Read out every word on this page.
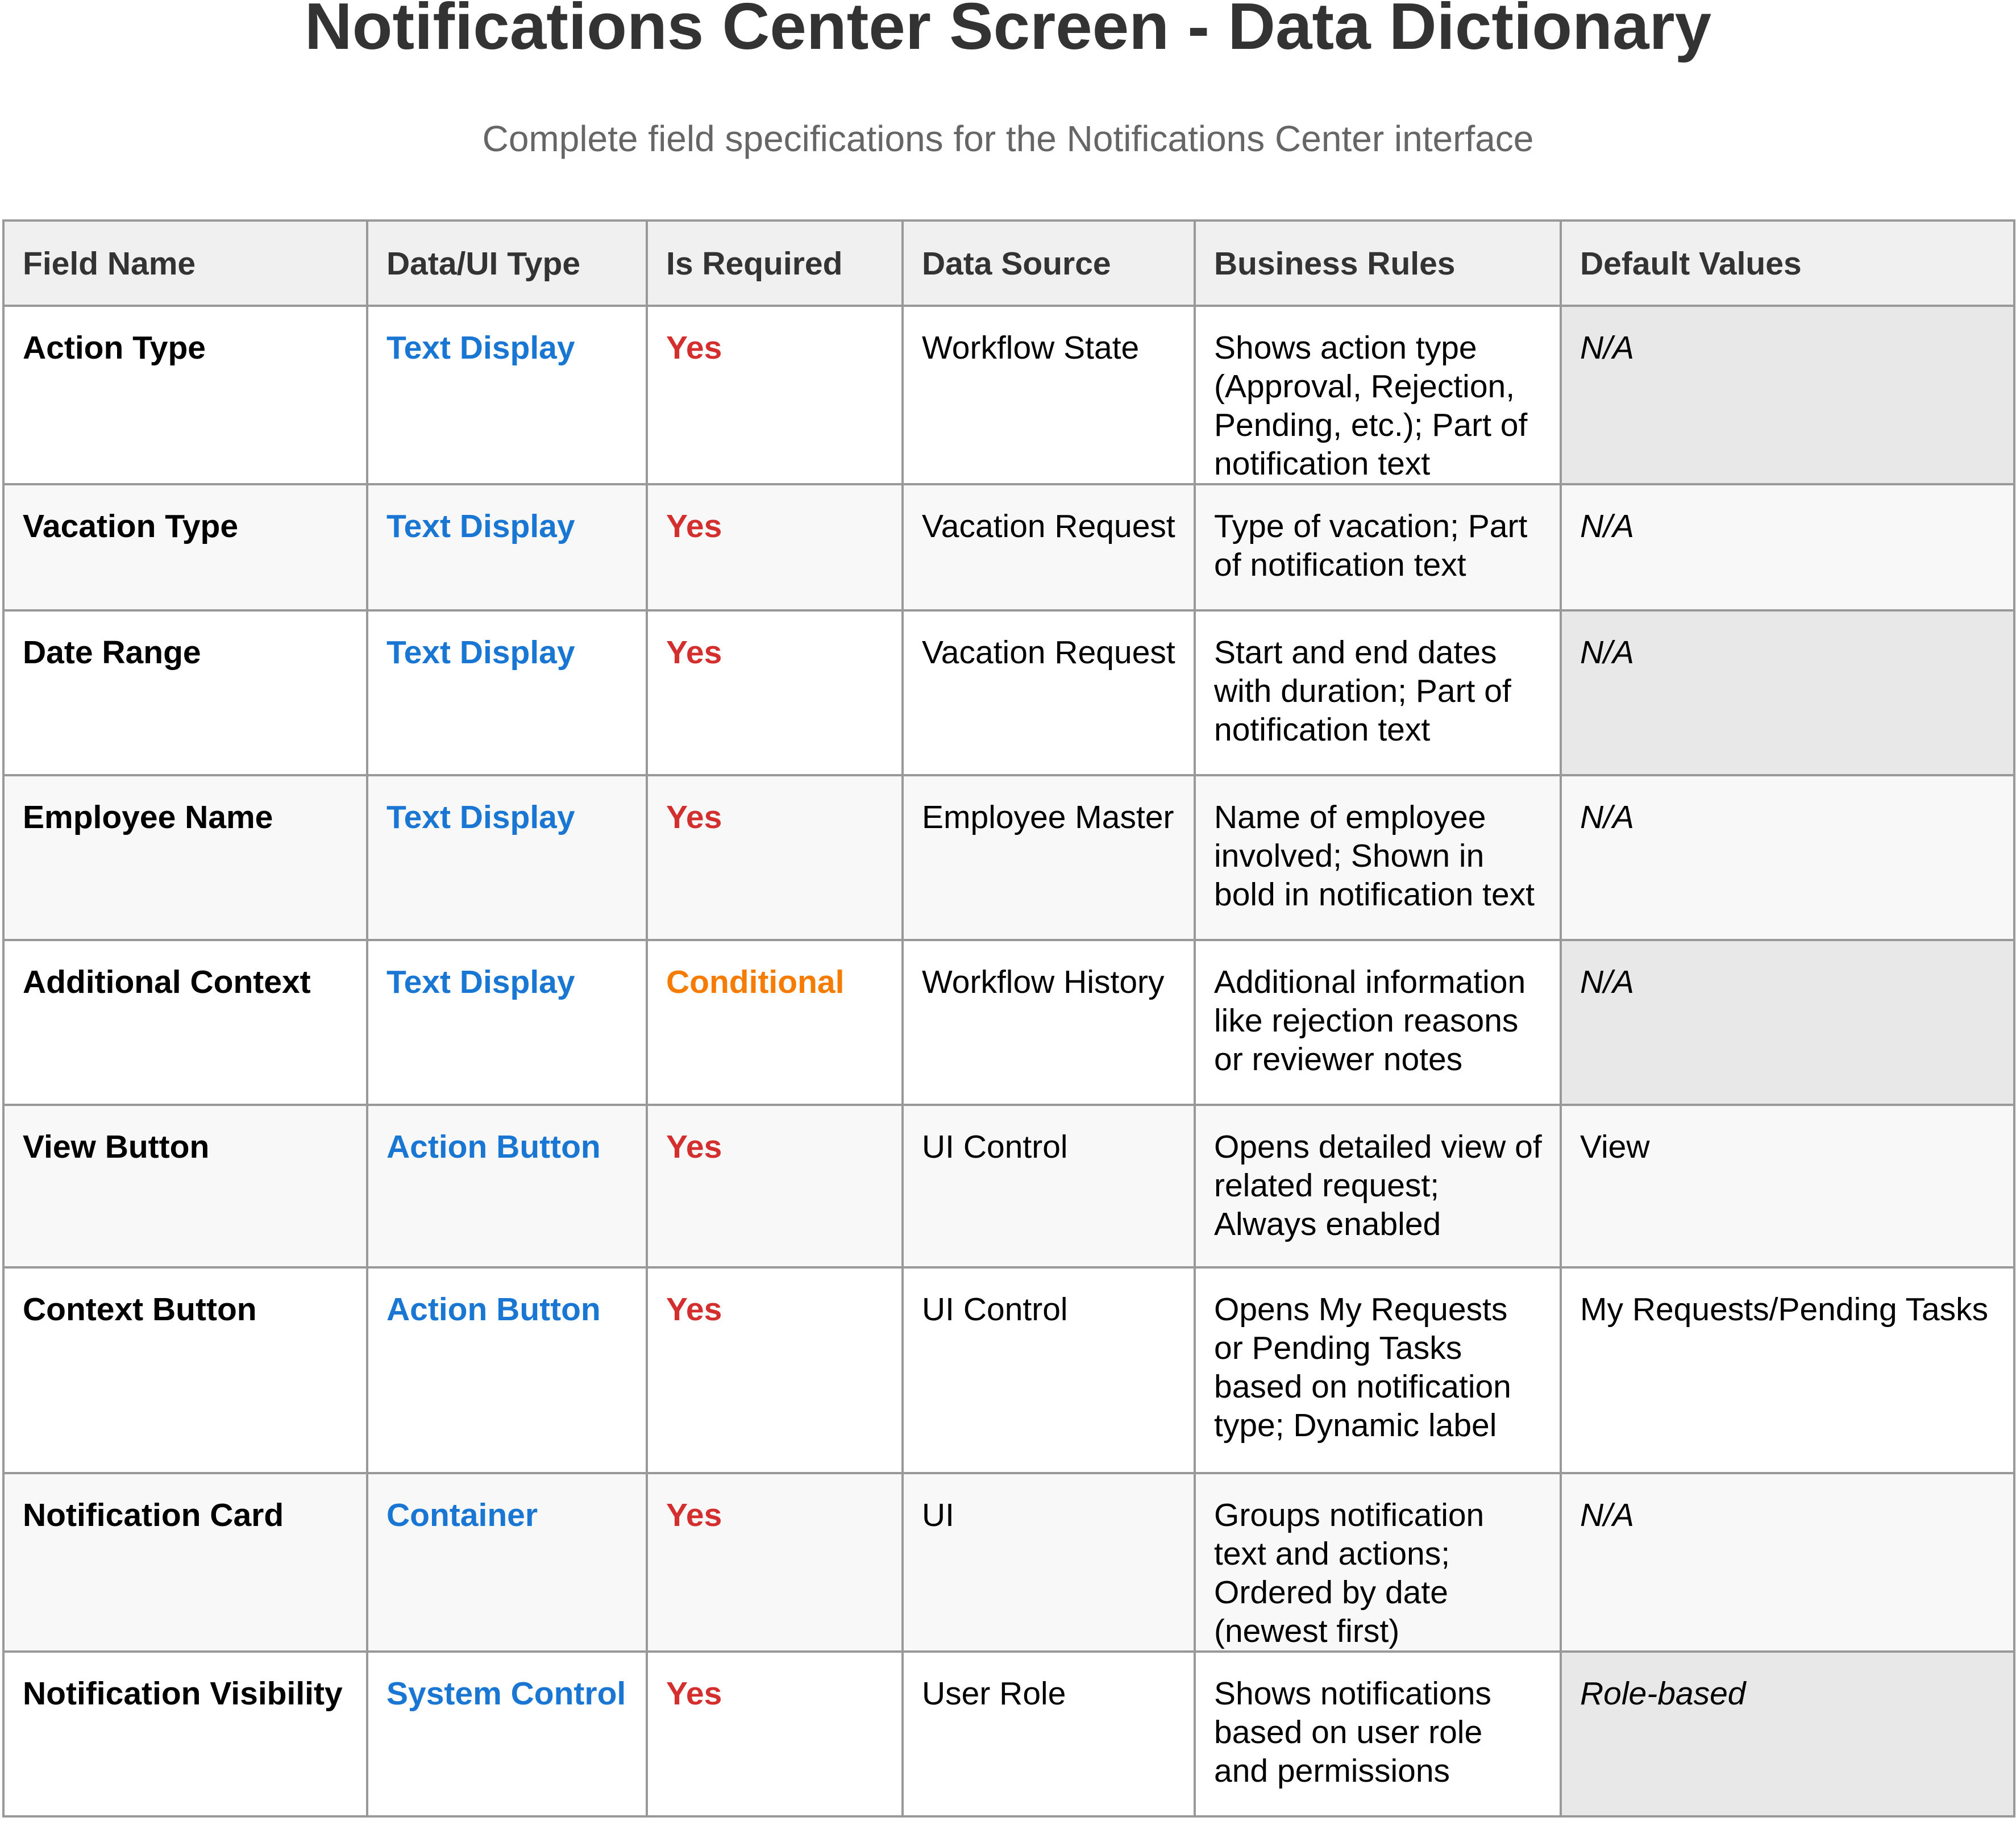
Notifications Center Screen - Data Dictionary

Complete field specifications for the Notifications Center interface

Field Name	Data/UI Type	Is Required	Data Source	Business Rules	Default Values
Action Type	Text Display	Yes	Workflow State	Shows action type (Approval, Rejection, Pending, etc.); Part of notification text	N/A
Vacation Type	Text Display	Yes	Vacation Request	Type of vacation; Part of notification text	N/A
Date Range	Text Display	Yes	Vacation Request	Start and end dates with duration; Part of notification text	N/A
Employee Name	Text Display	Yes	Employee Master	Name of employee involved; Shown in bold in notification text	N/A
Additional Context	Text Display	Conditional	Workflow History	Additional information like rejection reasons or reviewer notes	N/A
View Button	Action Button	Yes	UI Control	Opens detailed view of related request; Always enabled	View
Context Button	Action Button	Yes	UI Control	Opens My Requests or Pending Tasks based on notification type; Dynamic label	My Requests/Pending Tasks
Notification Card	Container	Yes	UI	Groups notification text and actions; Ordered by date (newest first)	N/A
Notification Visibility	System Control	Yes	User Role	Shows notifications based on user role and permissions	Role-based
